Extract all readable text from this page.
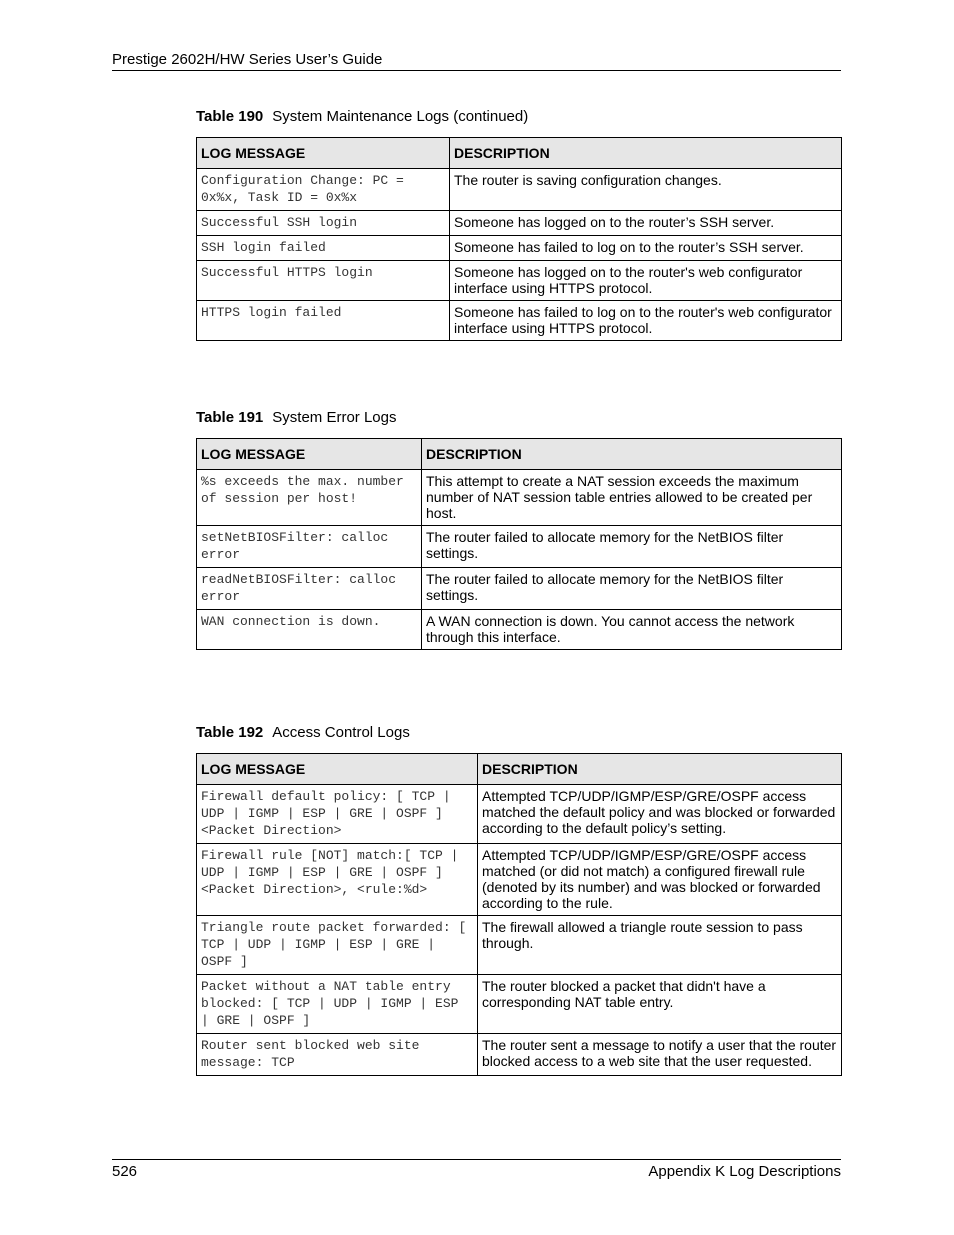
Prestige 2602H/HW Series User’s Guide
Table 190 System Maintenance Logs (continued)
LOG MESSAGE	DESCRIPTION
Configuration Change: PC = 0x%x, Task ID = 0x%x	The router is saving configuration changes.
Successful SSH login	Someone has logged on to the router’s SSH server.
SSH login failed	Someone has failed to log on to the router’s SSH server.
Successful HTTPS login	Someone has logged on to the router's web configurator interface using HTTPS protocol.
HTTPS login failed	Someone has failed to log on to the router's web configurator interface using HTTPS protocol.
Table 191 System Error Logs
LOG MESSAGE	DESCRIPTION
%s exceeds the max. number of session per host!	This attempt to create a NAT session exceeds the maximum number of NAT session table entries allowed to be created per host.
setNetBIOSFilter: calloc error	The router failed to allocate memory for the NetBIOS filter settings.
readNetBIOSFilter: calloc error	The router failed to allocate memory for the NetBIOS filter settings.
WAN connection is down.	A WAN connection is down. You cannot access the network through this interface.
Table 192 Access Control Logs
LOG MESSAGE	DESCRIPTION
Firewall default policy: [ TCP | UDP | IGMP | ESP | GRE | OSPF ] <Packet Direction>	Attempted TCP/UDP/IGMP/ESP/GRE/OSPF access matched the default policy and was blocked or forwarded according to the default policy’s setting.
Firewall rule [NOT] match:[ TCP | UDP | IGMP | ESP | GRE | OSPF ] <Packet Direction>, <rule:%d>	Attempted TCP/UDP/IGMP/ESP/GRE/OSPF access matched (or did not match) a configured firewall rule (denoted by its number) and was blocked or forwarded according to the rule.
Triangle route packet forwarded: [ TCP | UDP | IGMP | ESP | GRE | OSPF ]	The firewall allowed a triangle route session to pass through.
Packet without a NAT table entry blocked: [ TCP | UDP | IGMP | ESP | GRE | OSPF ]	The router blocked a packet that didn't have a corresponding NAT table entry.
Router sent blocked web site message: TCP	The router sent a message to notify a user that the router blocked access to a web site that the user requested.
526	Appendix K Log Descriptions
